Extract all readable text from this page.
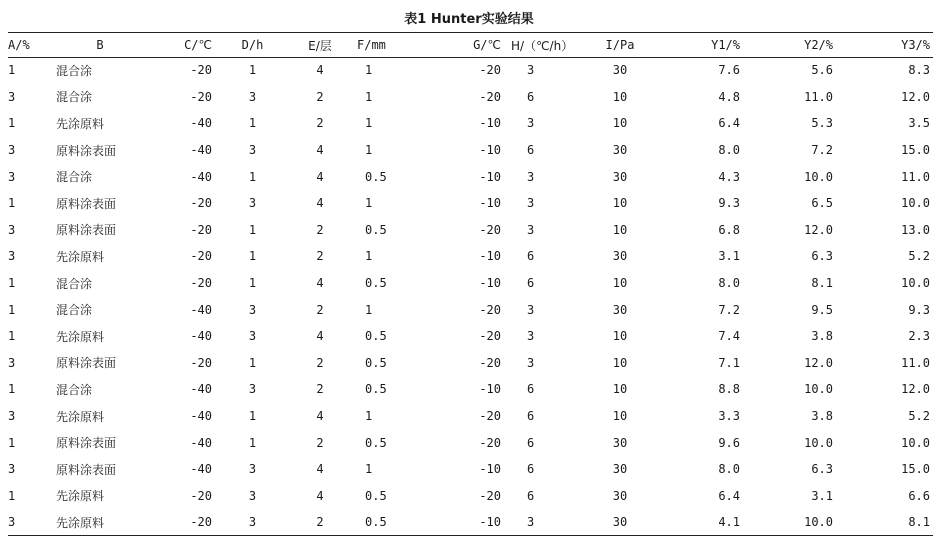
表1 Hunter实验结果
A/%	B	C/℃	D/h	E/层	F/mm	G/℃	H/（℃/h）	I/Pa	Y1/%	Y2/%	Y3/%
1	混合涂	-20	1	4	1	-20	3	30	7.6	5.6	8.3
3	混合涂	-20	3	2	1	-20	6	10	4.8	11.0	12.0
1	先涂原料	-40	1	2	1	-10	3	10	6.4	5.3	3.5
3	原料涂表面	-40	3	4	1	-10	6	30	8.0	7.2	15.0
3	混合涂	-40	1	4	0.5	-10	3	30	4.3	10.0	11.0
1	原料涂表面	-20	3	4	1	-10	3	10	9.3	6.5	10.0
3	原料涂表面	-20	1	2	0.5	-20	3	10	6.8	12.0	13.0
3	先涂原料	-20	1	2	1	-10	6	30	3.1	6.3	5.2
1	混合涂	-20	1	4	0.5	-10	6	10	8.0	8.1	10.0
1	混合涂	-40	3	2	1	-20	3	30	7.2	9.5	9.3
1	先涂原料	-40	3	4	0.5	-20	3	10	7.4	3.8	2.3
3	原料涂表面	-20	1	2	0.5	-20	3	10	7.1	12.0	11.0
1	混合涂	-40	3	2	0.5	-10	6	10	8.8	10.0	12.0
3	先涂原料	-40	1	4	1	-20	6	10	3.3	3.8	5.2
1	原料涂表面	-40	1	2	0.5	-20	6	30	9.6	10.0	10.0
3	原料涂表面	-40	3	4	1	-10	6	30	8.0	6.3	15.0
1	先涂原料	-20	3	4	0.5	-20	6	30	6.4	3.1	6.6
3	先涂原料	-20	3	2	0.5	-10	3	30	4.1	10.0	8.1
